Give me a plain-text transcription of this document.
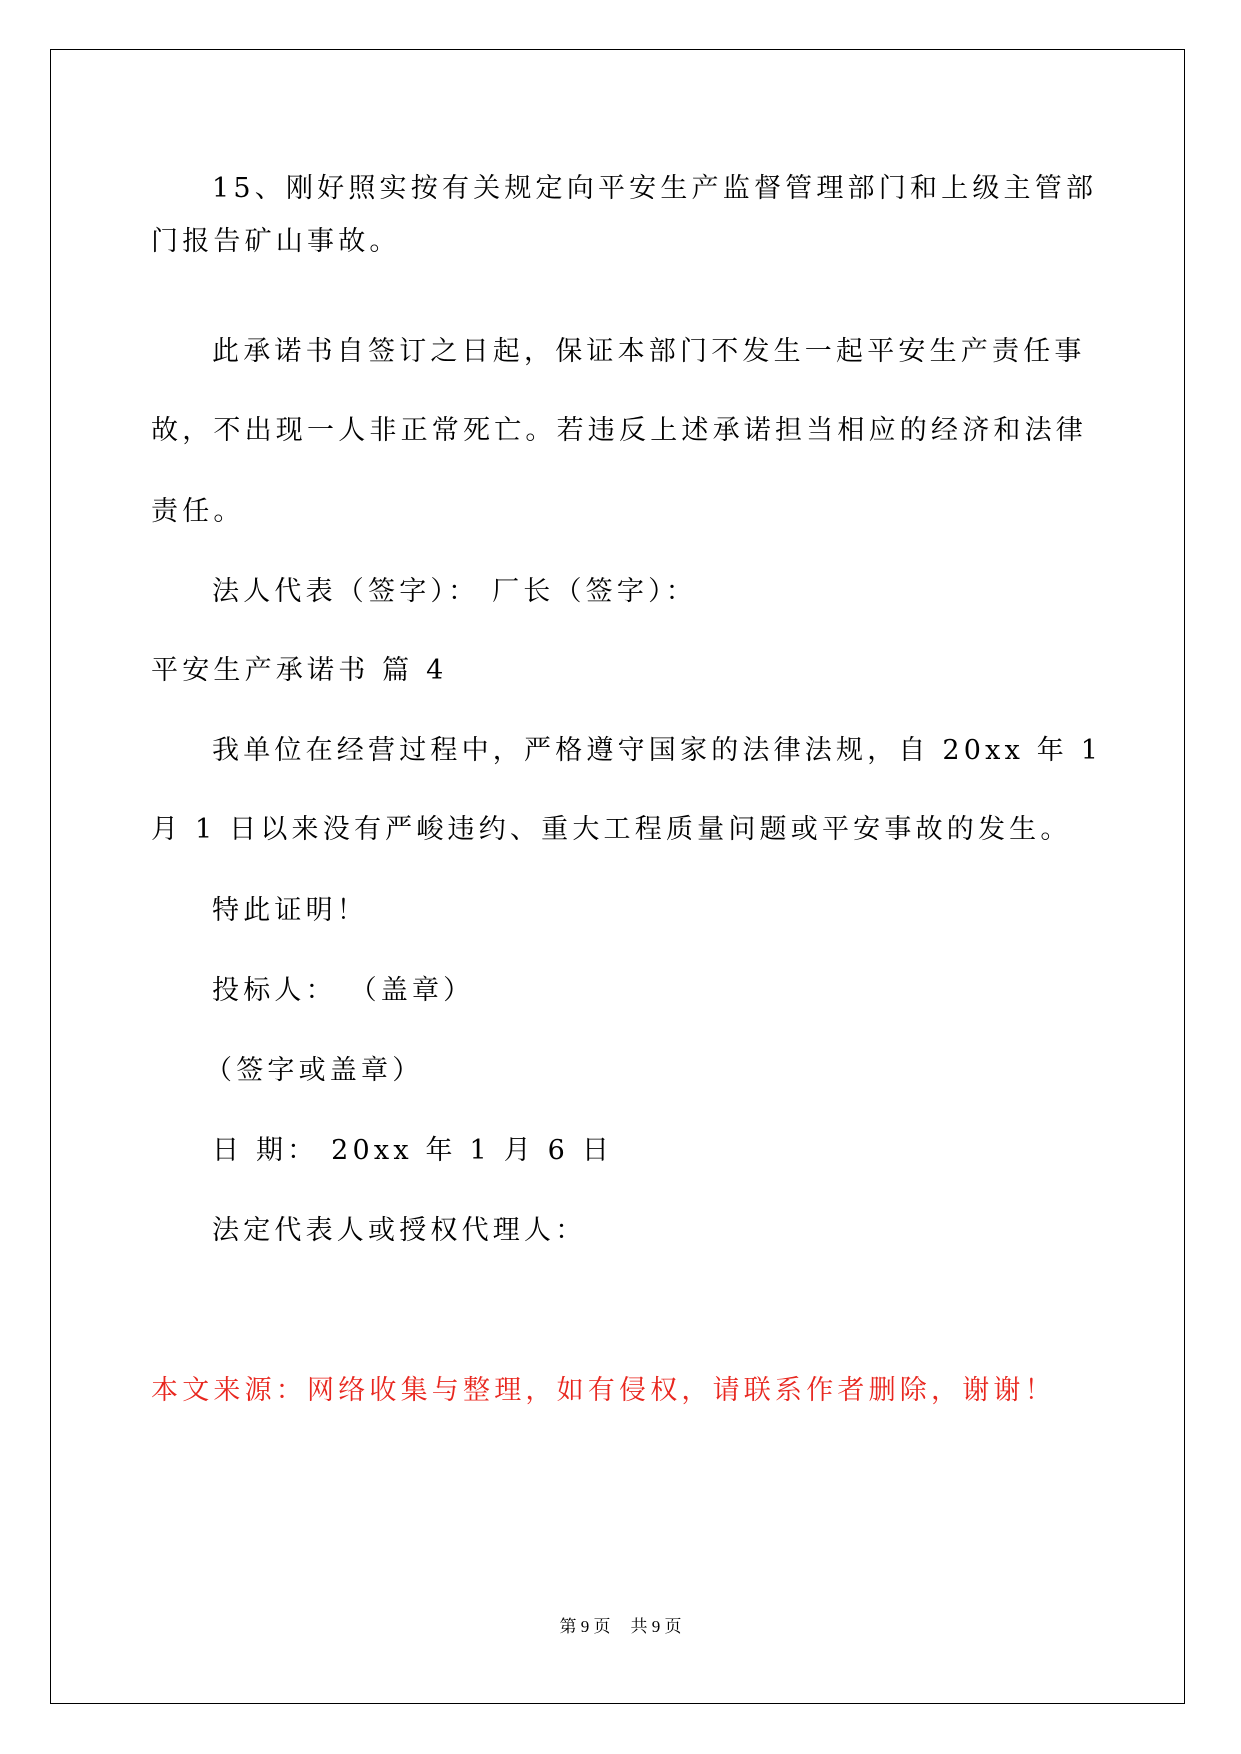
15、刚好照实按有关规定向平安生产监督管理部门和上级主管部

门报告矿山事故。

此承诺书自签订之日起，保证本部门不发生一起平安生产责任事

故，不出现一人非正常死亡。若违反上述承诺担当相应的经济和法律

责任。

法人代表（签字）： 厂长（签字）：

平安生产承诺书 篇 4

我单位在经营过程中，严格遵守国家的法律法规，自 20xx 年 1

月 1 日以来没有严峻违约、重大工程质量问题或平安事故的发生。

特此证明！

投标人： （盖章）

（签字或盖章）

日 期： 20xx 年 1 月 6 日

法定代表人或授权代理人：

本文来源：网络收集与整理，如有侵权，请联系作者删除，谢谢！

第 9 页 共 9 页
